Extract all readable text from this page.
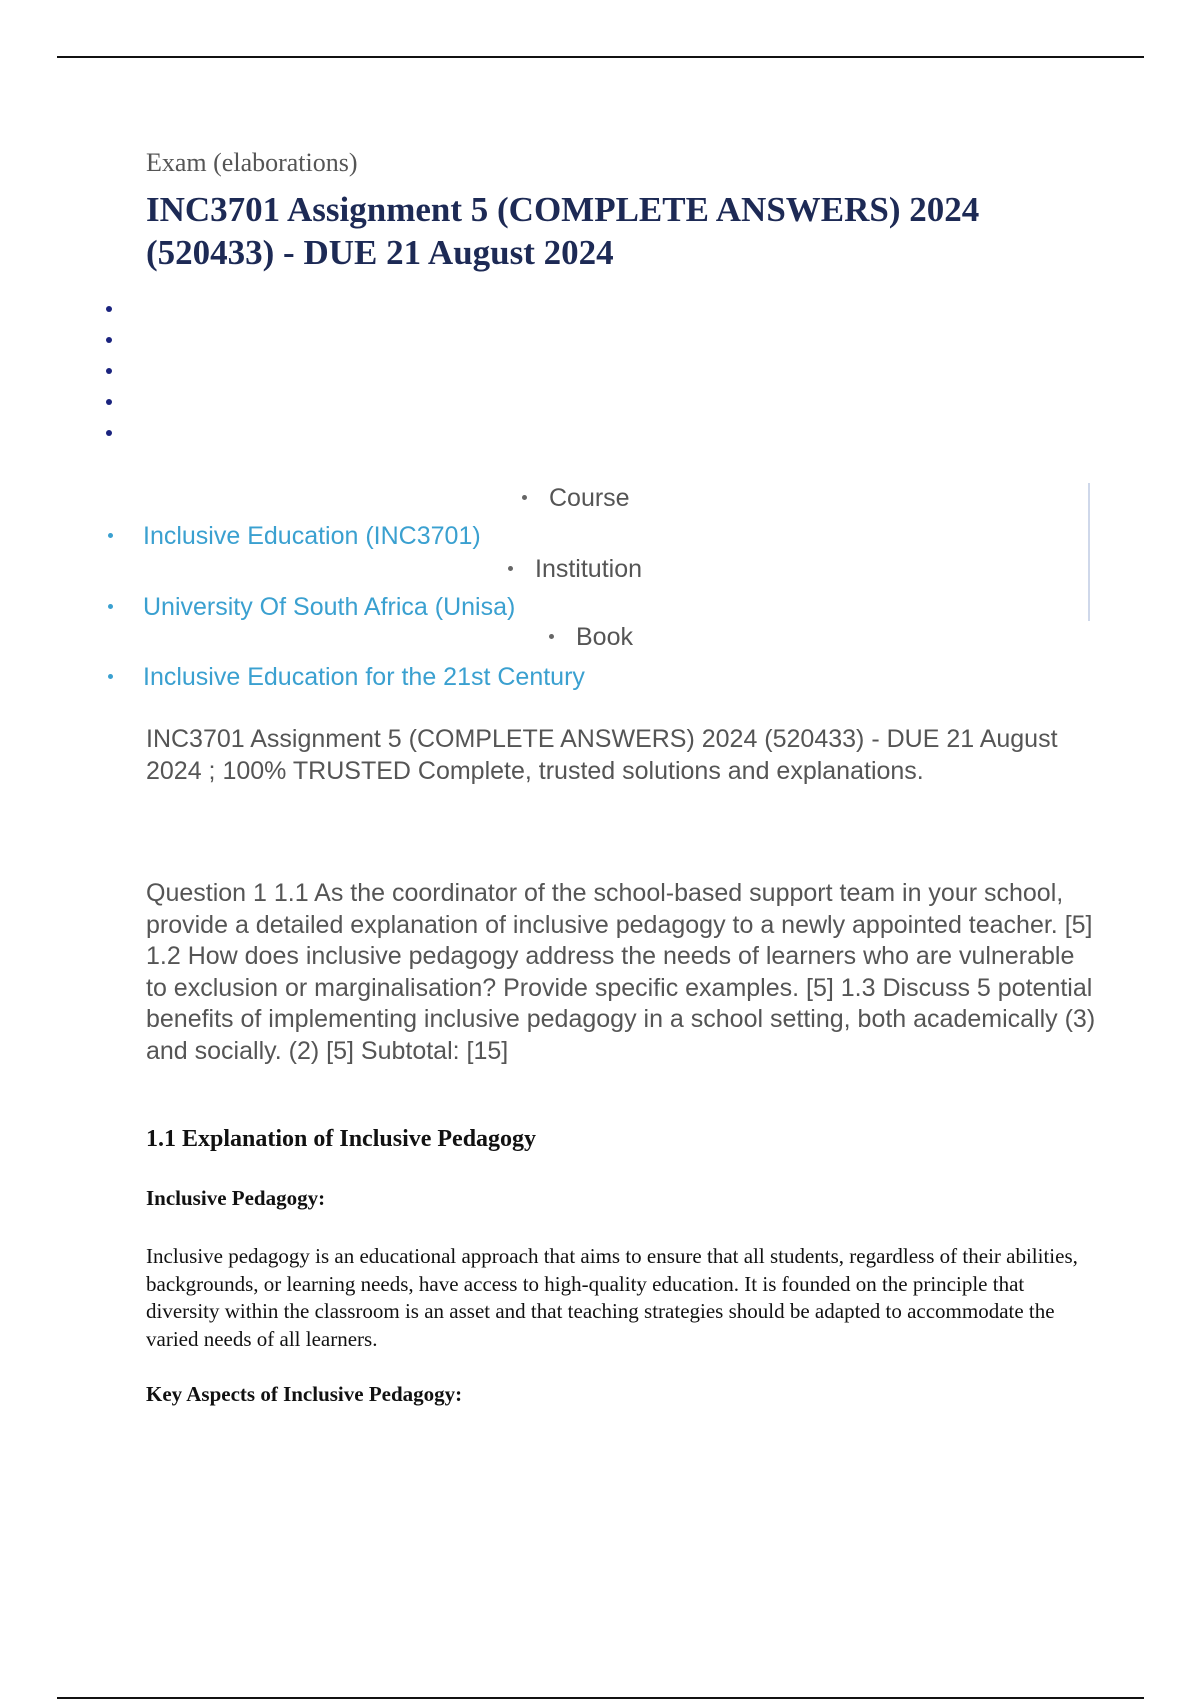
Exam (elaborations)
INC3701 Assignment 5 (COMPLETE ANSWERS) 2024 (520433) - DUE 21 August 2024
Course
Inclusive Education (INC3701)
Institution
University Of South Africa (Unisa)
Book
Inclusive Education for the 21st Century

INC3701 Assignment 5 (COMPLETE ANSWERS) 2024 (520433) - DUE 21 August 2024 ; 100% TRUSTED Complete, trusted solutions and explanations.

Question 1 1.1 As the coordinator of the school-based support team in your school, provide a detailed explanation of inclusive pedagogy to a newly appointed teacher. [5] 1.2 How does inclusive pedagogy address the needs of learners who are vulnerable to exclusion or marginalisation? Provide specific examples. [5] 1.3 Discuss 5 potential benefits of implementing inclusive pedagogy in a school setting, both academically (3) and socially. (2) [5] Subtotal: [15]

1.1 Explanation of Inclusive Pedagogy
Inclusive Pedagogy:

Inclusive pedagogy is an educational approach that aims to ensure that all students, regardless of their abilities, backgrounds, or learning needs, have access to high-quality education. It is founded on the principle that diversity within the classroom is an asset and that teaching strategies should be adapted to accommodate the varied needs of all learners.

Key Aspects of Inclusive Pedagogy:
